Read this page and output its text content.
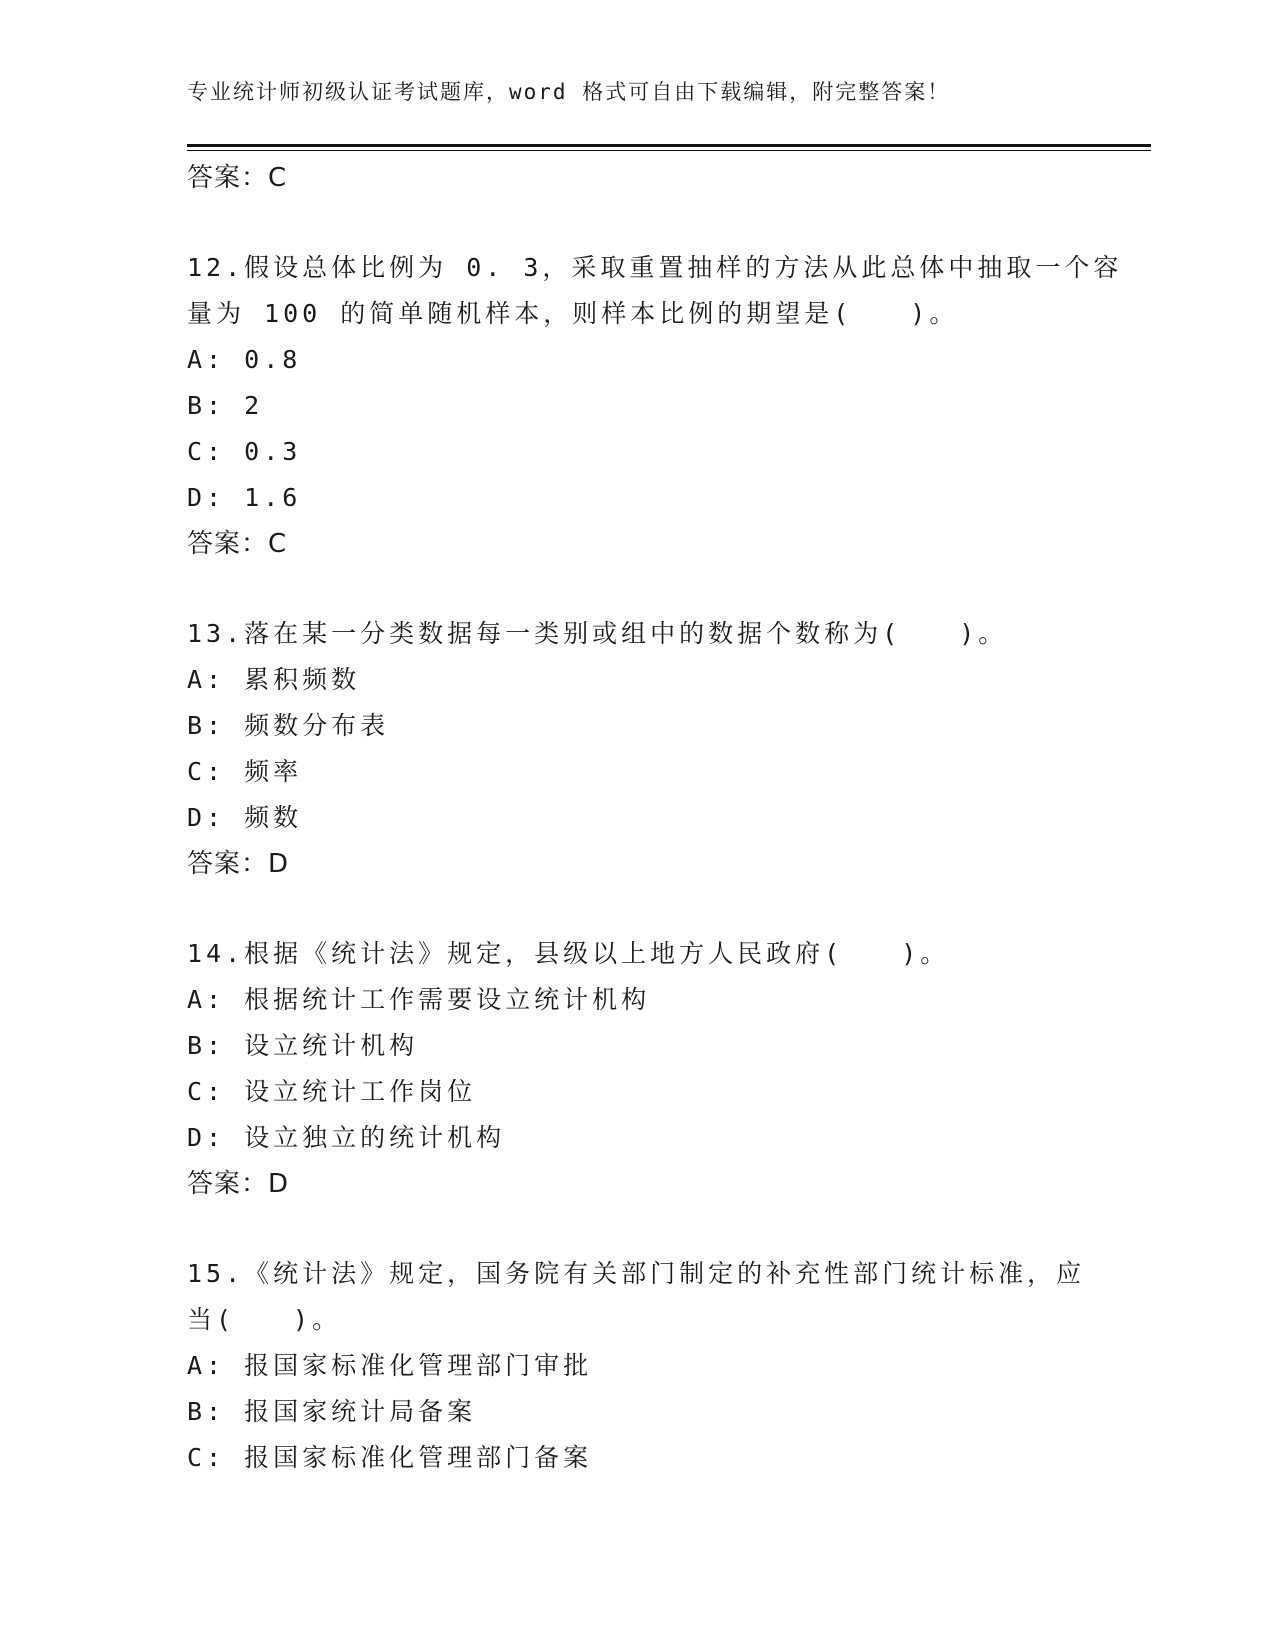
专业统计师初级认证考试题库，word 格式可自由下载编辑，附完整答案！
答案：C
12.假设总体比例为 0. 3，采取重置抽样的方法从此总体中抽取一个容
量为 100 的简单随机样本，则样本比例的期望是(　　)。
A: 0.8
B: 2
C: 0.3
D: 1.6
答案：C
13.落在某一分类数据每一类别或组中的数据个数称为(　　)。
A: 累积频数
B: 频数分布表
C: 频率
D: 频数
答案：D
14.根据《统计法》规定，县级以上地方人民政府(　　)。
A: 根据统计工作需要设立统计机构
B: 设立统计机构
C: 设立统计工作岗位
D: 设立独立的统计机构
答案：D
15.《统计法》规定，国务院有关部门制定的补充性部门统计标准，应
当(　　)。
A: 报国家标准化管理部门审批
B: 报国家统计局备案
C: 报国家标准化管理部门备案
